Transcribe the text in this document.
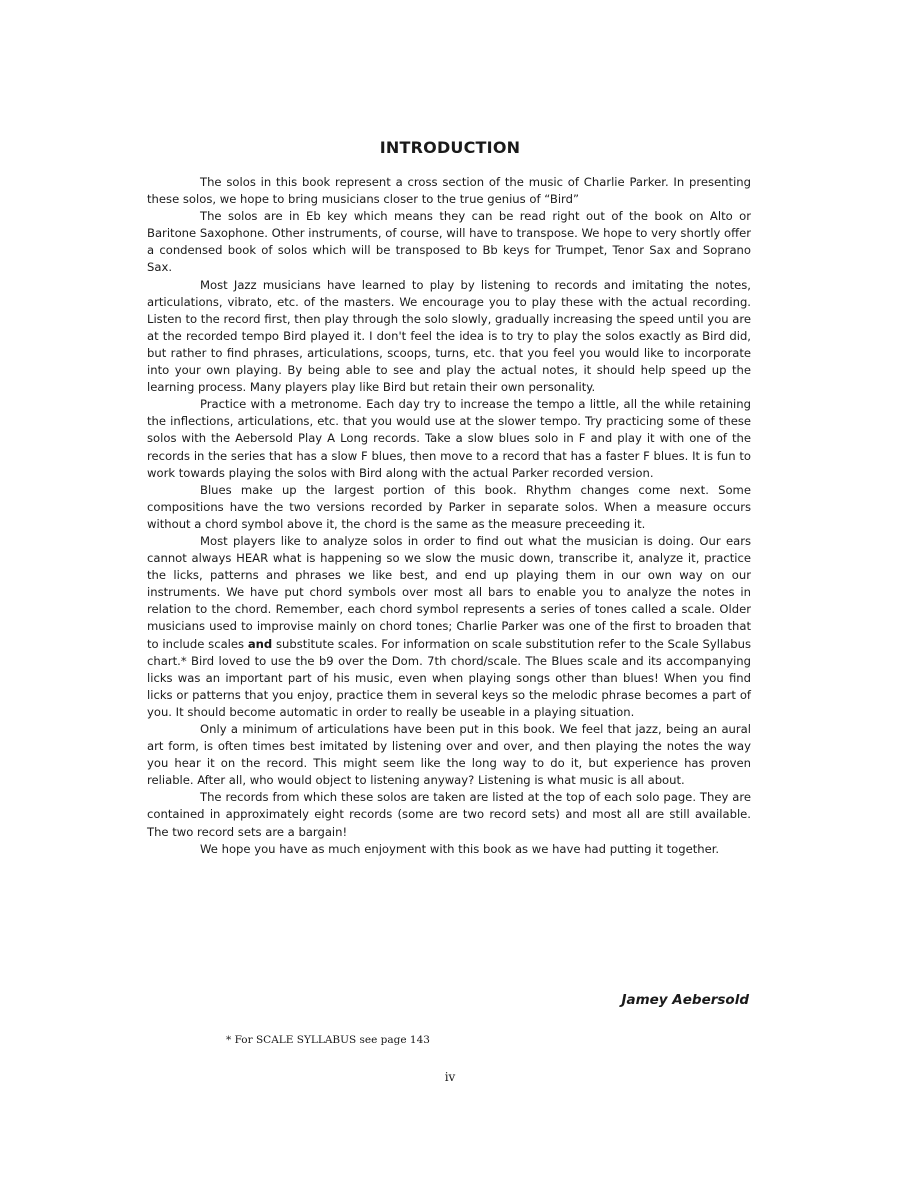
INTRODUCTION

The solos in this book represent a cross section of the music of Charlie Parker. In presenting these solos, we hope to bring musicians closer to the true genius of “Bird”

The solos are in Eb key which means they can be read right out of the book on Alto or Baritone Saxophone. Other instruments, of course, will have to transpose. We hope to very shortly offer a condensed book of solos which will be transposed to Bb keys for Trumpet, Tenor Sax and Soprano Sax.

Most Jazz musicians have learned to play by listening to records and imitating the notes, articulations, vibrato, etc. of the masters. We encourage you to play these with the actual recording. Listen to the record first, then play through the solo slowly, gradually increasing the speed until you are at the recorded tempo Bird played it. I don't feel the idea is to try to play the solos exactly as Bird did, but rather to find phrases, articulations, scoops, turns, etc. that you feel you would like to incorporate into your own playing. By being able to see and play the actual notes, it should help speed up the learning process. Many players play like Bird but retain their own personality.

Practice with a metronome. Each day try to increase the tempo a little, all the while retaining the inflections, articulations, etc. that you would use at the slower tempo. Try practicing some of these solos with the Aebersold Play A Long records. Take a slow blues solo in F and play it with one of the records in the series that has a slow F blues, then move to a record that has a faster F blues. It is fun to work towards playing the solos with Bird along with the actual Parker recorded version.

Blues make up the largest portion of this book. Rhythm changes come next. Some compositions have the two versions recorded by Parker in separate solos. When a measure occurs without a chord symbol above it, the chord is the same as the measure preceeding it.

Most players like to analyze solos in order to find out what the musician is doing. Our ears cannot always HEAR what is happening so we slow the music down, transcribe it, analyze it, practice the licks, patterns and phrases we like best, and end up playing them in our own way on our instruments. We have put chord symbols over most all bars to enable you to analyze the notes in relation to the chord. Remember, each chord symbol represents a series of tones called a scale. Older musicians used to improvise mainly on chord tones; Charlie Parker was one of the first to broaden that to include scales and substitute scales. For information on scale substitution refer to the Scale Syllabus chart.* Bird loved to use the b9 over the Dom. 7th chord/scale. The Blues scale and its accompanying licks was an important part of his music, even when playing songs other than blues! When you find licks or patterns that you enjoy, practice them in several keys so the melodic phrase becomes a part of you. It should become automatic in order to really be useable in a playing situation.

Only a minimum of articulations have been put in this book. We feel that jazz, being an aural art form, is often times best imitated by listening over and over, and then playing the notes the way you hear it on the record. This might seem like the long way to do it, but experience has proven reliable. After all, who would object to listening anyway? Listening is what music is all about.

The records from which these solos are taken are listed at the top of each solo page. They are contained in approximately eight records (some are two record sets) and most all are still available. The two record sets are a bargain!

We hope you have as much enjoyment with this book as we have had putting it together.

Jamey Aebersold
* For SCALE SYLLABUS see page 143
iv
